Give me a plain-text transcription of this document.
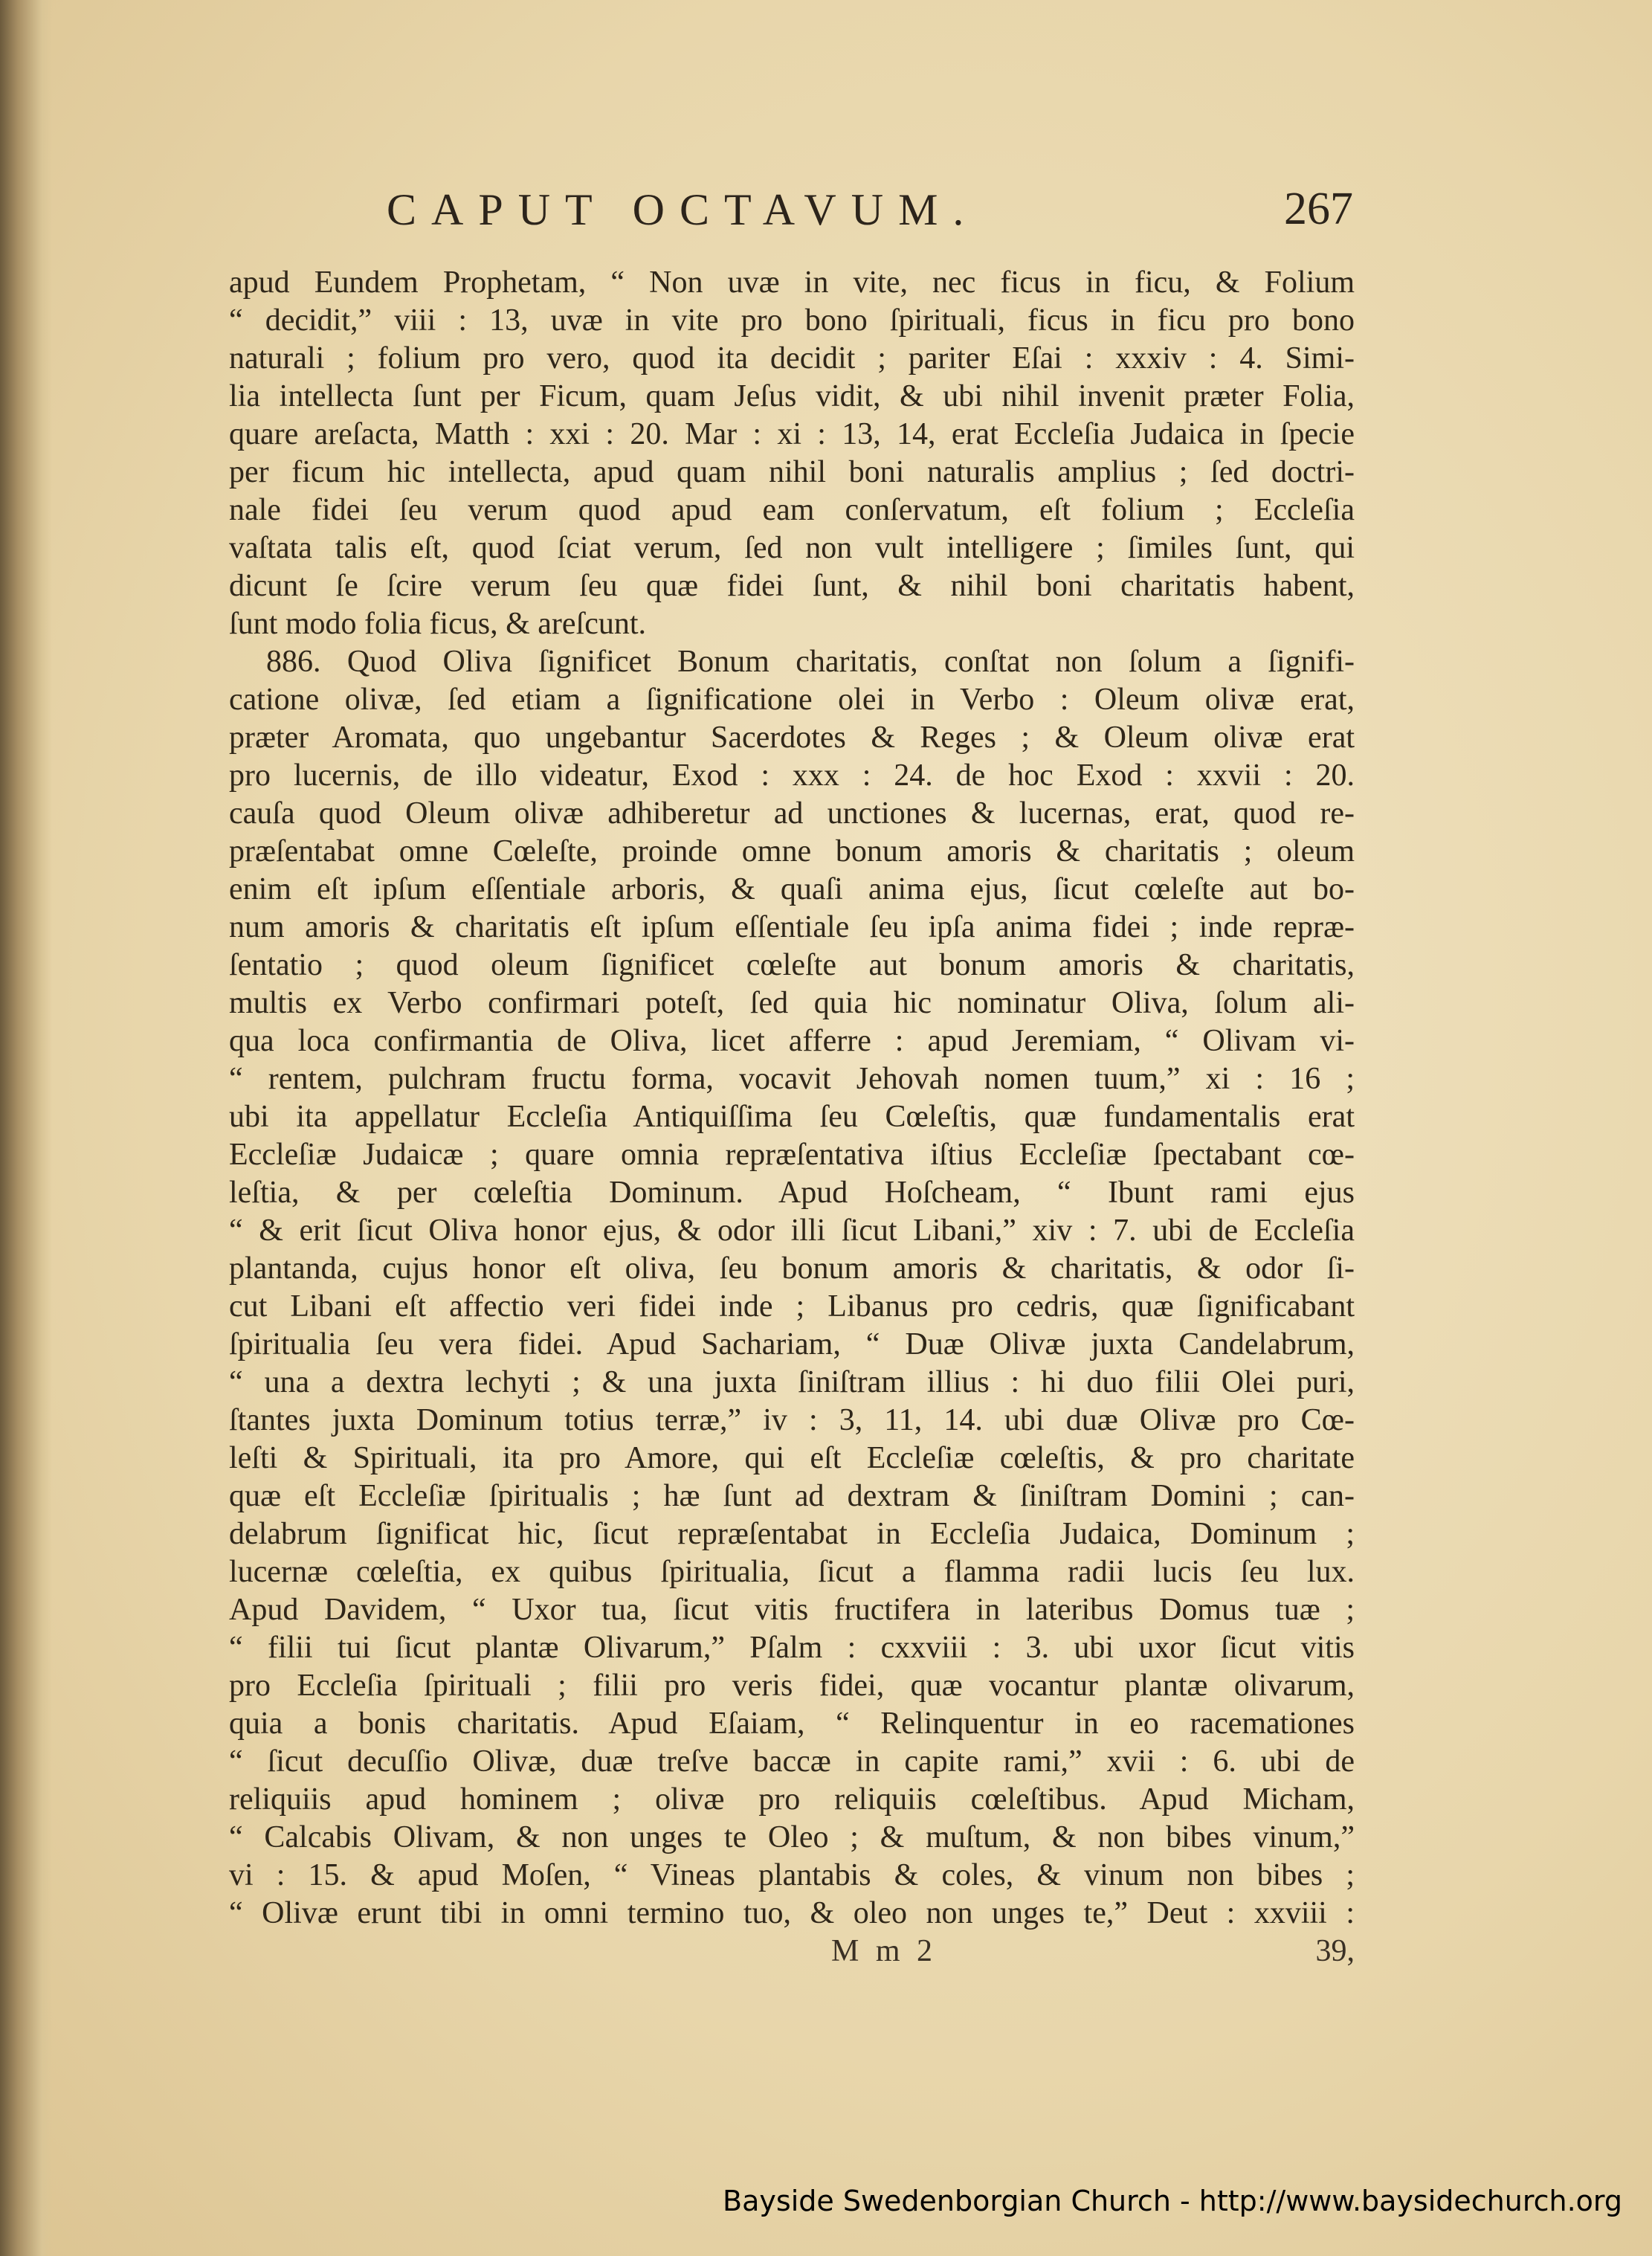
CAPUT OCTAVUM.	267
apud Eundem Prophetam, “ Non uvæ in vite, nec ficus in ficu, & Folium
“ decidit,” viii : 13, uvæ in vite pro bono ſpirituali, ficus in ficu pro bono
naturali ; folium pro vero, quod ita decidit ; pariter Eſai : xxxiv : 4. Simi-
lia intellecta ſunt per Ficum, quam Jeſus vidit, & ubi nihil invenit præter Folia,
quare areſacta, Matth : xxi : 20. Mar : xi : 13, 14, erat Eccleſia Judaica in ſpecie
per ficum hic intellecta, apud quam nihil boni naturalis amplius ; ſed doctri-
nale fidei ſeu verum quod apud eam conſervatum, eſt folium ; Eccleſia
vaſtata talis eſt, quod ſciat verum, ſed non vult intelligere ; ſimiles ſunt, qui
dicunt ſe ſcire verum ſeu quæ fidei ſunt, & nihil boni charitatis habent,
ſunt modo folia ficus, & areſcunt.
886. Quod Oliva ſignificet Bonum charitatis, conſtat non ſolum a ſignifi-
catione olivæ, ſed etiam a ſignificatione olei in Verbo : Oleum olivæ erat,
præter Aromata, quo ungebantur Sacerdotes & Reges ; & Oleum olivæ erat
pro lucernis, de illo videatur, Exod : xxx : 24. de hoc Exod : xxvii : 20.
cauſa quod Oleum olivæ adhiberetur ad unctiones & lucernas, erat, quod re-
præſentabat omne Cœleſte, proinde omne bonum amoris & charitatis ; oleum
enim eſt ipſum eſſentiale arboris, & quaſi anima ejus, ſicut cœleſte aut bo-
num amoris & charitatis eſt ipſum eſſentiale ſeu ipſa anima fidei ; inde repræ-
ſentatio ; quod oleum ſignificet cœleſte aut bonum amoris & charitatis,
multis ex Verbo confirmari poteſt, ſed quia hic nominatur Oliva, ſolum ali-
qua loca confirmantia de Oliva, licet afferre : apud Jeremiam, “ Olivam vi-
“ rentem, pulchram fructu forma, vocavit Jehovah nomen tuum,” xi : 16 ;
ubi ita appellatur Eccleſia Antiquiſſima ſeu Cœleſtis, quæ fundamentalis erat
Eccleſiæ Judaicæ ; quare omnia repræſentativa iſtius Eccleſiæ ſpectabant cœ-
leſtia, & per cœleſtia Dominum. Apud Hoſcheam, “ Ibunt rami ejus
“ & erit ſicut Oliva honor ejus, & odor illi ſicut Libani,” xiv : 7. ubi de Eccleſia
plantanda, cujus honor eſt oliva, ſeu bonum amoris & charitatis, & odor ſi-
cut Libani eſt affectio veri fidei inde ; Libanus pro cedris, quæ ſignificabant
ſpiritualia ſeu vera fidei. Apud Sachariam, “ Duæ Olivæ juxta Candelabrum,
“ una a dextra lechyti ; & una juxta ſiniſtram illius : hi duo filii Olei puri,
ſtantes juxta Dominum totius terræ,” iv : 3, 11, 14. ubi duæ Olivæ pro Cœ-
leſti & Spirituali, ita pro Amore, qui eſt Eccleſiæ cœleſtis, & pro charitate
quæ eſt Eccleſiæ ſpiritualis ; hæ ſunt ad dextram & ſiniſtram Domini ; can-
delabrum ſignificat hic, ſicut repræſentabat in Eccleſia Judaica, Dominum ;
lucernæ cœleſtia, ex quibus ſpiritualia, ſicut a flamma radii lucis ſeu lux.
Apud Davidem, “ Uxor tua, ſicut vitis fructifera in lateribus Domus tuæ ;
“ filii tui ſicut plantæ Olivarum,” Pſalm : cxxviii : 3. ubi uxor ſicut vitis
pro Eccleſia ſpirituali ; filii pro veris fidei, quæ vocantur plantæ olivarum,
quia a bonis charitatis. Apud Eſaiam, “ Relinquentur in eo racemationes
“ ſicut decuſſio Olivæ, duæ treſve baccæ in capite rami,” xvii : 6. ubi de
reliquiis apud hominem ; olivæ pro reliquiis cœleſtibus. Apud Micham,
“ Calcabis Olivam, & non unges te Oleo ; & muſtum, & non bibes vinum,”
vi : 15. & apud Moſen, “ Vineas plantabis & coles, & vinum non bibes ;
“ Olivæ erunt tibi in omni termino tuo, & oleo non unges te,” Deut : xxviii :
M m 2	39,
Bayside Swedenborgian Church - http://www.baysidechurch.org
